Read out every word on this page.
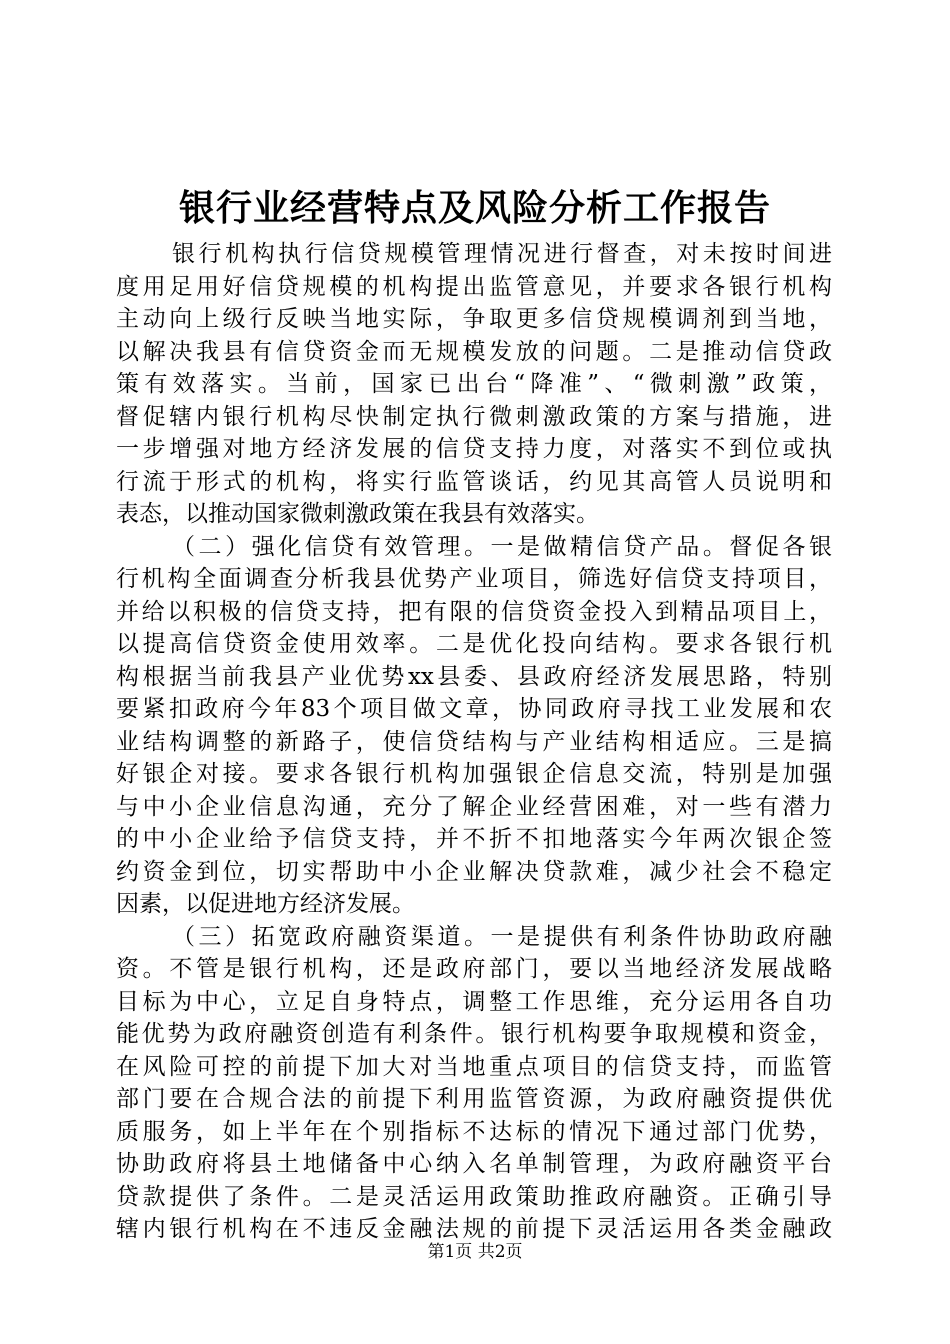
银行业经营特点及风险分析工作报告
银行机构执行信贷规模管理情况进行督查，对未按时间进
度用足用好信贷规模的机构提出监管意见，并要求各银行机构
主动向上级行反映当地实际，争取更多信贷规模调剂到当地，
以解决我县有信贷资金而无规模发放的问题。二是推动信贷政
策有效落实。当前，国家已出台“降准”、“微刺激”政策，
督促辖内银行机构尽快制定执行微刺激政策的方案与措施，进
一步增强对地方经济发展的信贷支持力度，对落实不到位或执
行流于形式的机构，将实行监管谈话，约见其高管人员说明和
表态，以推动国家微刺激政策在我县有效落实。
（二）强化信贷有效管理。一是做精信贷产品。督促各银
行机构全面调查分析我县优势产业项目，筛选好信贷支持项目，
并给以积极的信贷支持，把有限的信贷资金投入到精品项目上，
以提高信贷资金使用效率。二是优化投向结构。要求各银行机
构根据当前我县产业优势xx县委、县政府经济发展思路，特别
要紧扣政府今年83个项目做文章，协同政府寻找工业发展和农
业结构调整的新路子，使信贷结构与产业结构相适应。三是搞
好银企对接。要求各银行机构加强银企信息交流，特别是加强
与中小企业信息沟通，充分了解企业经营困难，对一些有潜力
的中小企业给予信贷支持，并不折不扣地落实今年两次银企签
约资金到位，切实帮助中小企业解决贷款难，减少社会不稳定
因素，以促进地方经济发展。
（三）拓宽政府融资渠道。一是提供有利条件协助政府融
资。不管是银行机构，还是政府部门，要以当地经济发展战略
目标为中心，立足自身特点，调整工作思维，充分运用各自功
能优势为政府融资创造有利条件。银行机构要争取规模和资金，
在风险可控的前提下加大对当地重点项目的信贷支持，而监管
部门要在合规合法的前提下利用监管资源，为政府融资提供优
质服务，如上半年在个别指标不达标的情况下通过部门优势，
协助政府将县土地储备中心纳入名单制管理，为政府融资平台
贷款提供了条件。二是灵活运用政策助推政府融资。正确引导
辖内银行机构在不违反金融法规的前提下灵活运用各类金融政
第1页 共2页
